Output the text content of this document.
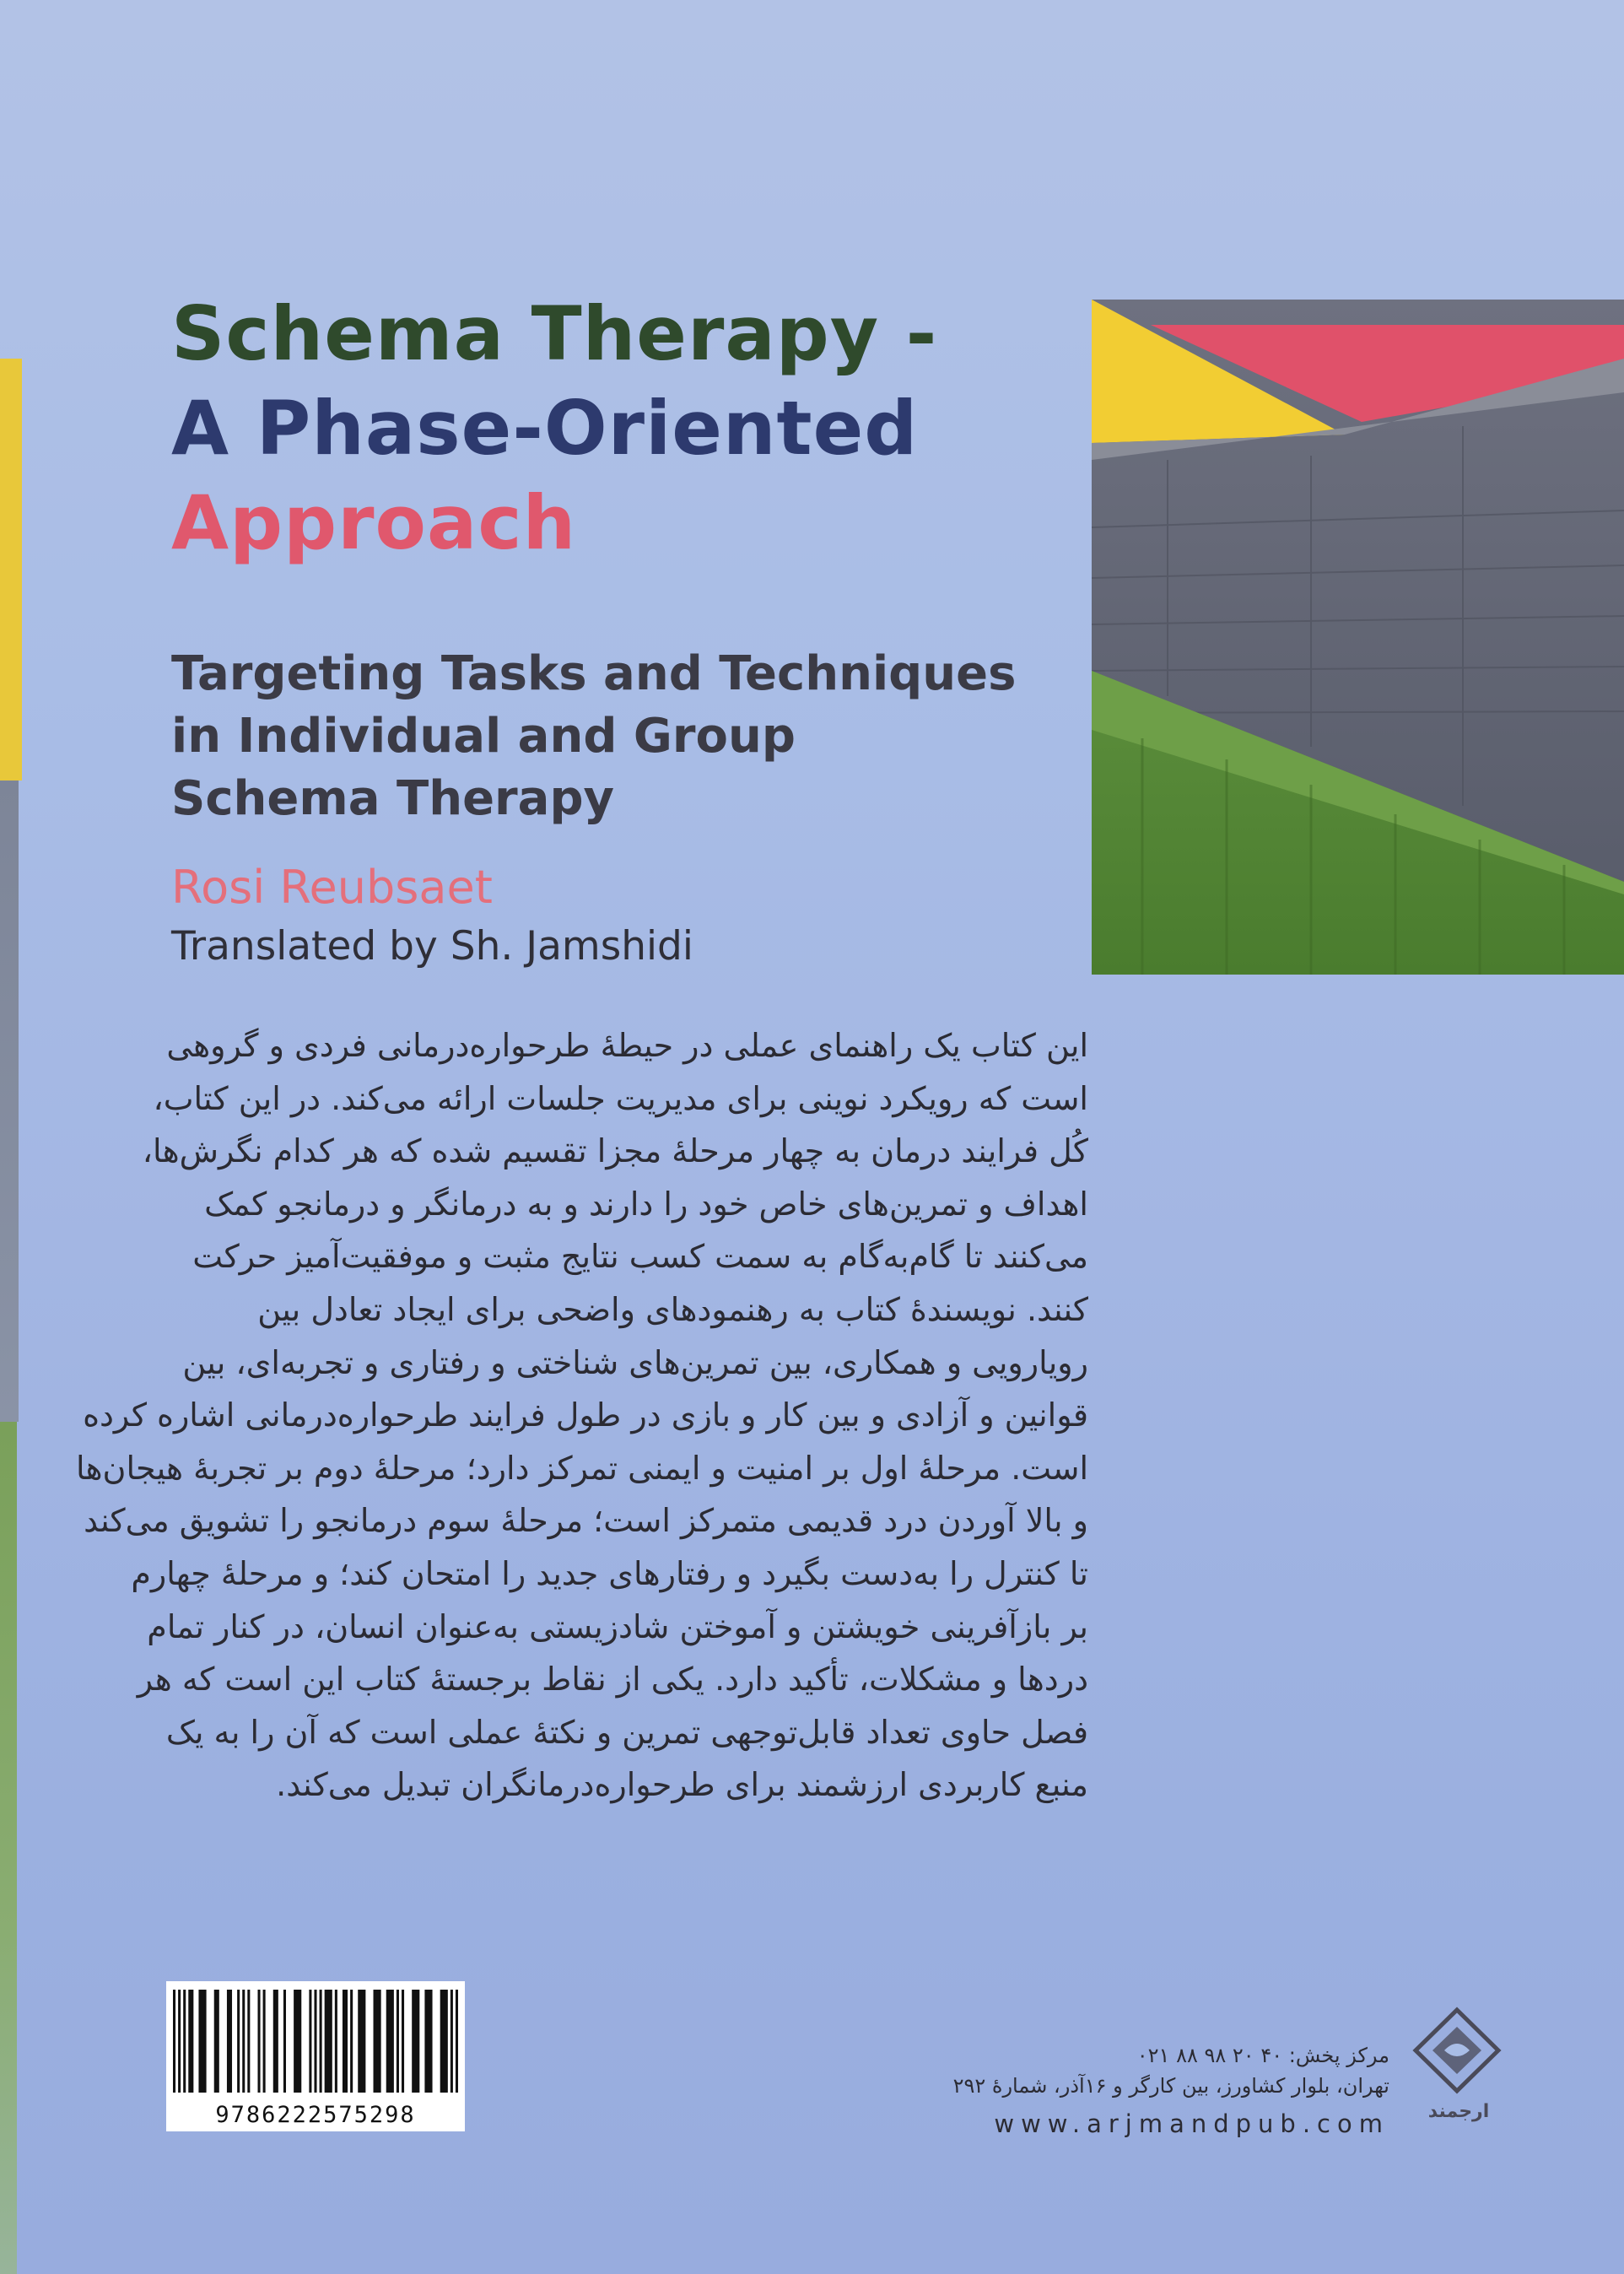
Schema Therapy -
A Phase-Oriented
Approach
Targeting Tasks and Techniques
in Individual and Group
Schema Therapy
Rosi Reubsaet
Translated by Sh. Jamshidi
این کتاب یک راهنمای عملی در حیطهٔ طرحواره‌درمانی فردی و گروهی
است که رویکرد نوینی برای مدیریت جلسات ارائه می‌کند. در این کتاب،
کُل فرایند درمان به چهار مرحلهٔ مجزا تقسیم شده که هر کدام نگرش‌ها،
اهداف و تمرین‌های خاص خود را دارند و به درمانگر و درمانجو کمک
می‌کنند تا گام‌به‌گام به سمت کسب نتایج مثبت و موفقیت‌آمیز حرکت
کنند. نویسندهٔ کتاب به رهنمودهای واضحی برای ایجاد تعادل بین
رویارویی و همکاری، بین تمرین‌های شناختی و رفتاری و تجربه‌ای، بین
قوانین و آزادی و بین کار و بازی در طول فرایند طرحواره‌درمانی اشاره کرده
است. مرحلهٔ اول بر امنیت و ایمنی تمرکز دارد؛ مرحلهٔ دوم بر تجربهٔ هیجان‌ها
و بالا آوردن درد قدیمی متمرکز است؛ مرحلهٔ سوم درمانجو را تشویق می‌کند
تا کنترل را به‌دست بگیرد و رفتارهای جدید را امتحان کند؛ و مرحلهٔ چهارم
بر بازآفرینی خویشتن و آموختن شادزیستی به‌عنوان انسان، در کنار تمام
دردها و مشکلات، تأکید دارد. یکی از نقاط برجستهٔ کتاب این است که هر
فصل حاوی تعداد قابل‌توجهی تمرین و نکتهٔ عملی است که آن را به یک
منبع کاربردی ارزشمند برای طرحواره‌درمانگران تبدیل می‌کند.
9786222575298
مرکز پخش: ۴۰ ۲۰ ۹۸ ۸۸ ۰۲۱
تهران، بلوار کشاورز، بین کارگر و ۱۶آذر، شمارهٔ ۲۹۲
www.arjmandpub.com	ارجمند
